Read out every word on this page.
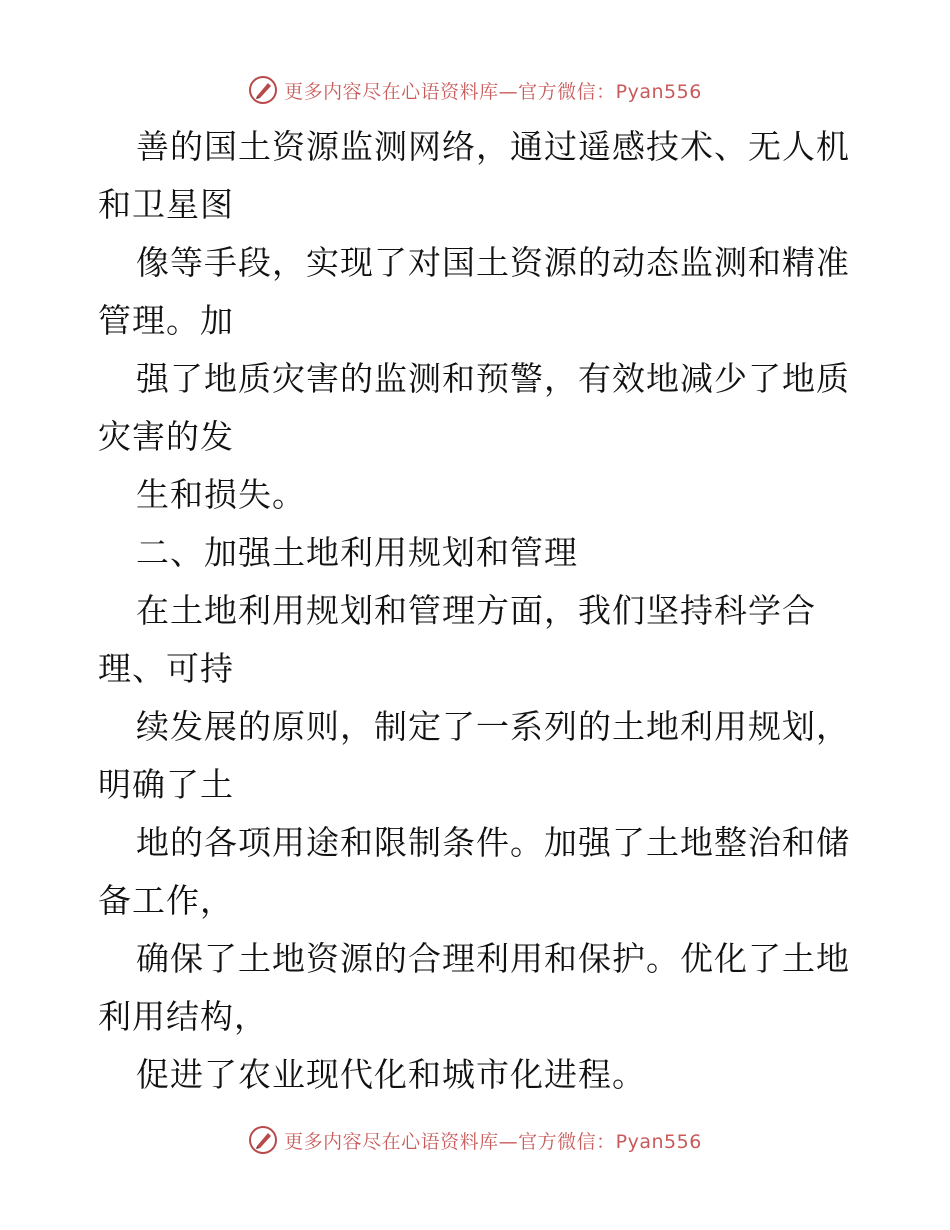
更多内容尽在心语资料库—官方微信：Pyan556
善的国土资源监测网络，通过遥感技术、无人机
和卫星图
像等手段，实现了对国土资源的动态监测和精准
管理。加
强了地质灾害的监测和预警，有效地减少了地质
灾害的发
生和损失。
二、加强土地利用规划和管理
在土地利用规划和管理方面，我们坚持科学合
理、可持
续发展的原则，制定了一系列的土地利用规划，
明确了土
地的各项用途和限制条件。加强了土地整治和储
备工作，
确保了土地资源的合理利用和保护。优化了土地
利用结构，
促进了农业现代化和城市化进程。
更多内容尽在心语资料库—官方微信：Pyan556
